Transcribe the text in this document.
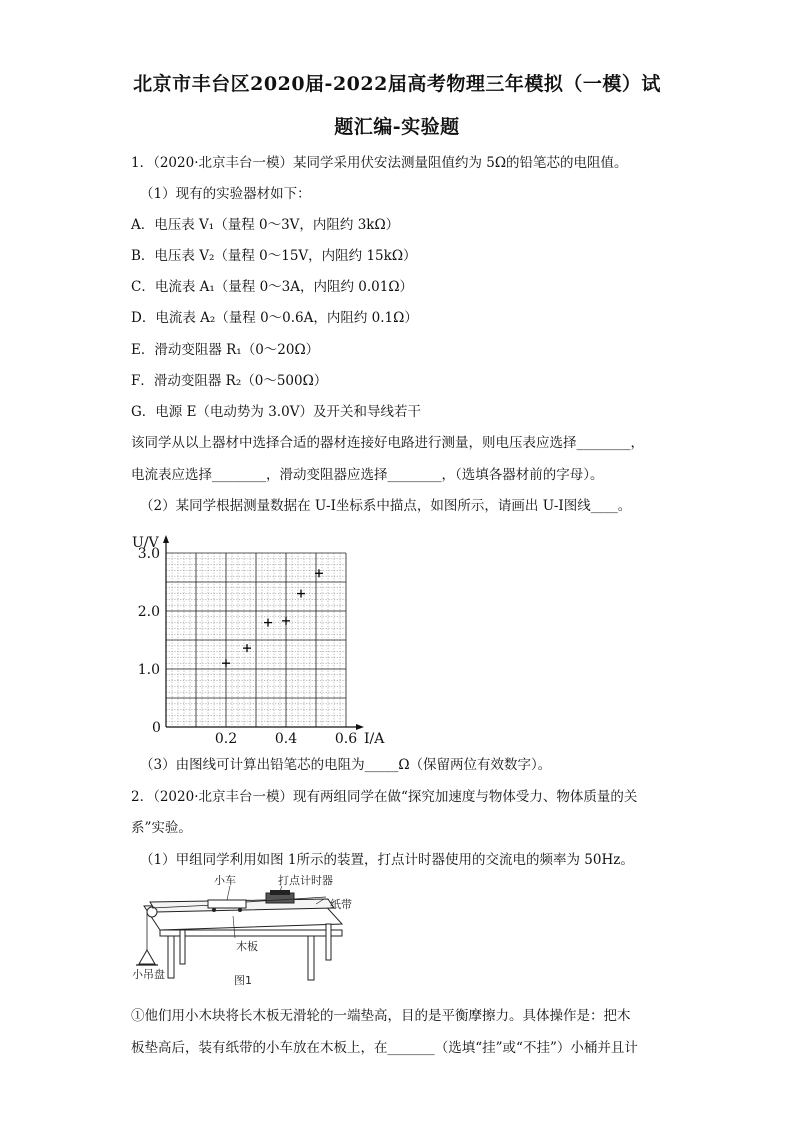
北京市丰台区2020届-2022届高考物理三年模拟（一模）试
题汇编-实验题
1．（2020·北京丰台一模）某同学采用伏安法测量阻值约为 5Ω的铅笔芯的电阻值。
（1）现有的实验器材如下：
A．电压表 V₁（量程 0～3V，内阻约 3kΩ）
B．电压表 V₂（量程 0～15V，内阻约 15kΩ）
C．电流表 A₁（量程 0～3A，内阻约 0.01Ω）
D．电流表 A₂（量程 0～0.6A，内阻约 0.1Ω）
E．滑动变阻器 R₁（0～20Ω）
F．滑动变阻器 R₂（0～500Ω）
G．电源 E（电动势为 3.0V）及开关和导线若干
该同学从以上器材中选择合适的器材连接好电路进行测量，则电压表应选择________，
电流表应选择________，滑动变阻器应选择________，（选填各器材前的字母）。
（2）某同学根据测量数据在 U-I坐标系中描点，如图所示，请画出 U-I图线____。
U/V
I/A
0
0.2	0.4	0.6
1.0
2.0
3.0
（3）由图线可计算出铅笔芯的电阻为_____Ω（保留两位有效数字）。
2．（2020·北京丰台一模）现有两组同学在做“探究加速度与物体受力、物体质量的关
系”实验。
（1）甲组同学利用如图 1所示的装置，打点计时器使用的交流电的频率为 50Hz。
小车	打点计时器
纸带
木板
小吊盘	图1
①他们用小木块将长木板无滑轮的一端垫高，目的是平衡摩擦力。具体操作是：把木
板垫高后，装有纸带的小车放在木板上，在_______（选填“挂”或“不挂”）小桶并且计
